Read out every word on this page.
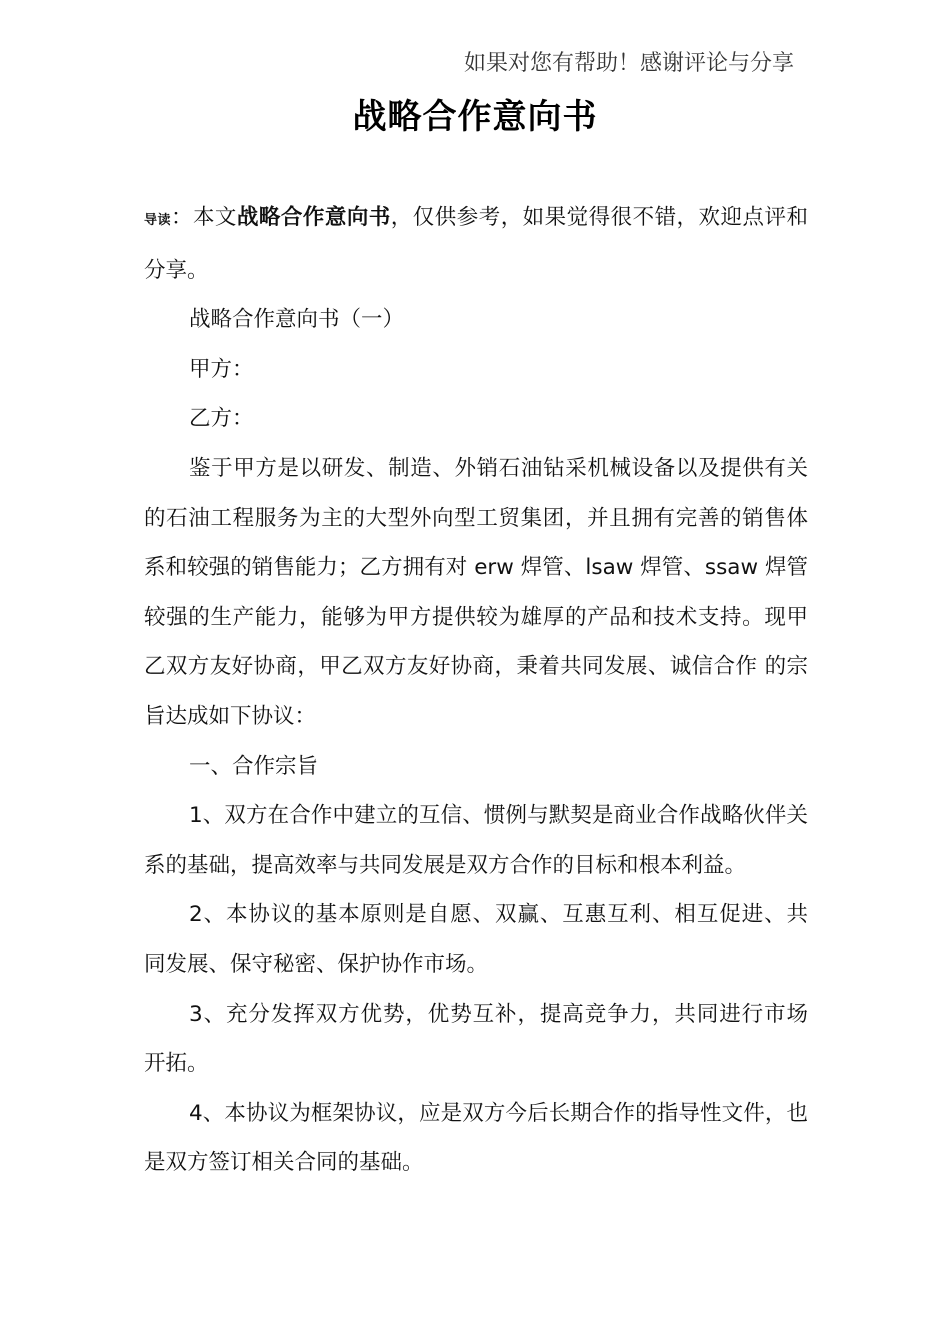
如果对您有帮助！感谢评论与分享
战略合作意向书

导读：本文战略合作意向书，仅供参考，如果觉得很不错，欢迎点评和分享。

战略合作意向书（一）

甲方：

乙方：

鉴于甲方是以研发、制造、外销石油钻采机械设备以及提供有关的石油工程服务为主的大型外向型工贸集团，并且拥有完善的销售体系和较强的销售能力；乙方拥有对 erw 焊管、lsaw 焊管、ssaw 焊管较强的生产能力，能够为甲方提供较为雄厚的产品和技术支持。现甲乙双方友好协商，甲乙双方友好协商，秉着共同发展、诚信合作 的宗旨达成如下协议：

一、合作宗旨

1、双方在合作中建立的互信、惯例与默契是商业合作战略伙伴关系的基础，提高效率与共同发展是双方合作的目标和根本利益。

2、本协议的基本原则是自愿、双赢、互惠互利、相互促进、共 同发展、保守秘密、保护协作市场。

3、充分发挥双方优势，优势互补，提高竞争力，共同进行市场 开拓。

4、本协议为框架协议，应是双方今后长期合作的指导性文件，也是双方签订相关合同的基础。
